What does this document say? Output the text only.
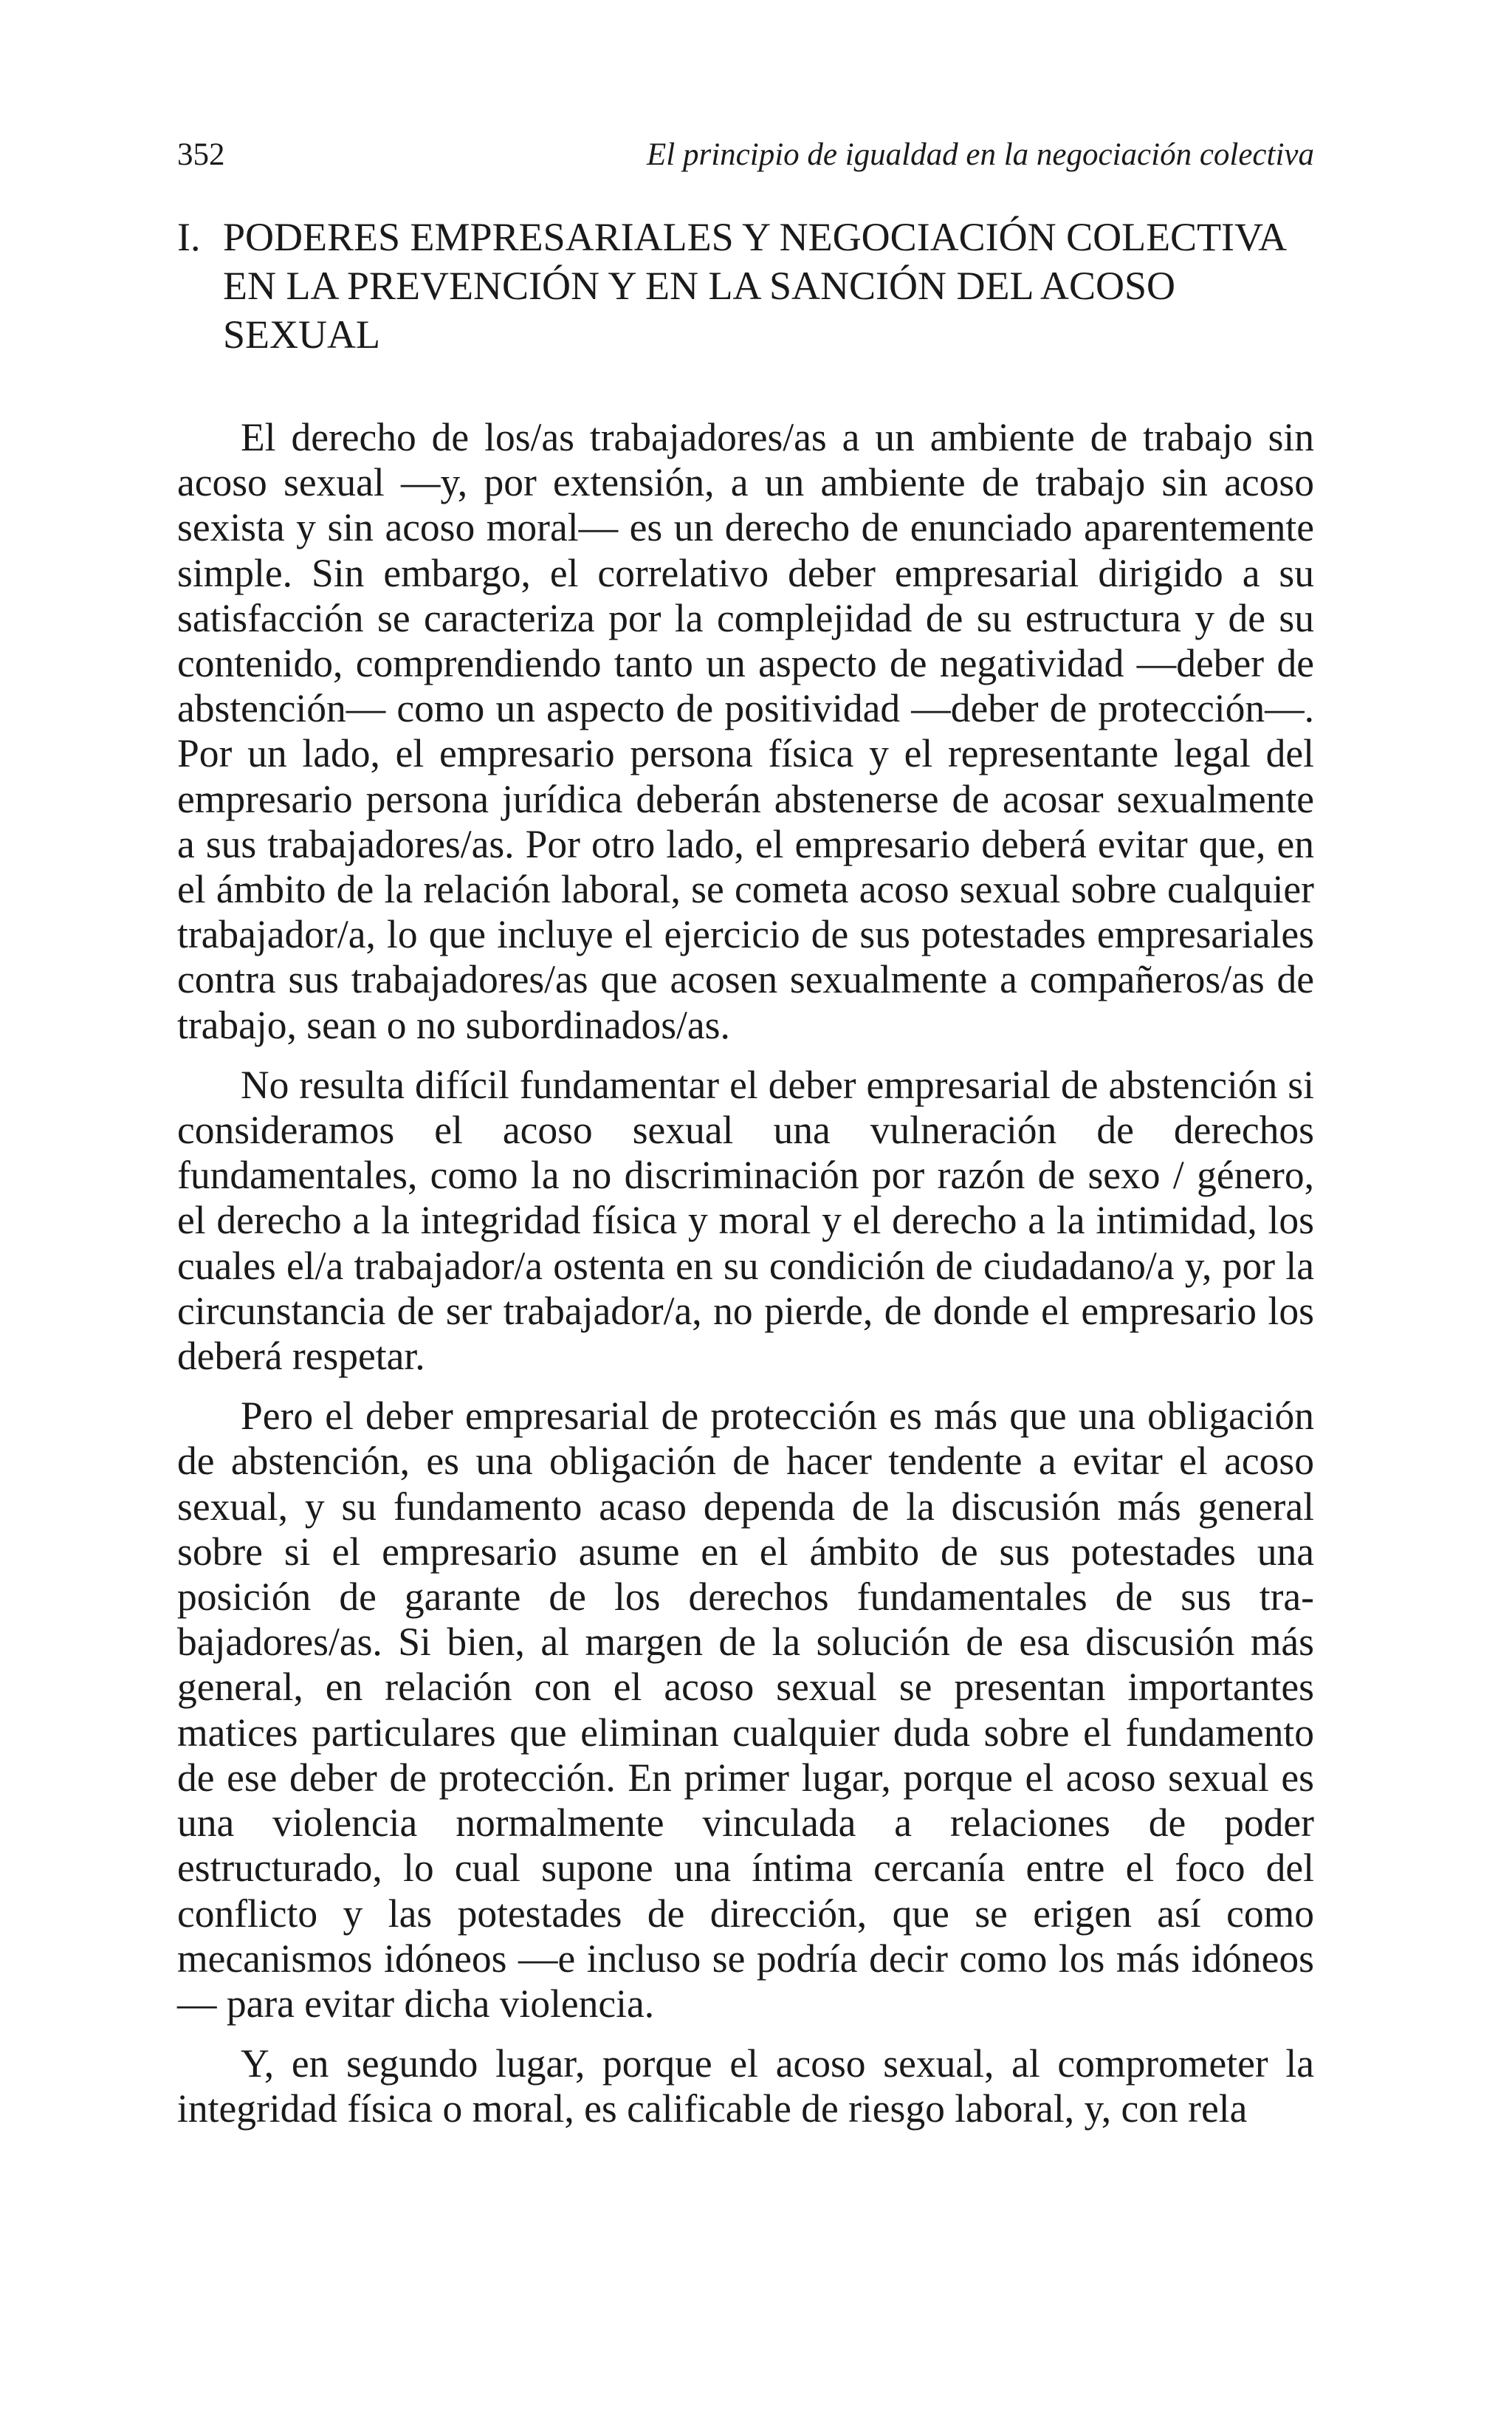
352	El principio de igualdad en la negociación colectiva
I. PODERES EMPRESARIALES Y NEGOCIACIÓN COLECTIVA EN LA PREVENCIÓN Y EN LA SANCIÓN DEL ACOSO SEXUAL

El derecho de los/as trabajadores/as a un ambiente de trabajo sin acoso sexual —y, por extensión, a un ambiente de trabajo sin acoso sexista y sin acoso moral— es un derecho de enunciado aparentemente simple. Sin embargo, el correlativo deber empresarial dirigido a su satisfacción se caracteriza por la complejidad de su estructura y de su contenido, comprendiendo tanto un aspecto de negatividad —deber de abstención— como un aspecto de positividad —deber de protección—. Por un lado, el empresario persona física y el representante legal del empresario persona jurídica deberán abstenerse de acosar sexualmente a sus trabajadores/as. Por otro lado, el empresario deberá evitar que, en el ámbito de la relación laboral, se cometa acoso sexual sobre cualquier trabajador/a, lo que incluye el ejercicio de sus potestades empresariales contra sus trabajadores/as que acosen sexualmente a compañeros/as de trabajo, sean o no subordinados/as.

No resulta difícil fundamentar el deber empresarial de abstención si consideramos el acoso sexual una vulneración de derechos fundamentales, como la no discriminación por razón de sexo / género, el derecho a la integridad física y moral y el derecho a la intimidad, los cuales el/a trabajador/a ostenta en su condición de ciudadano/a y, por la circunstancia de ser trabajador/a, no pierde, de donde el empresario los deberá respetar.

Pero el deber empresarial de protección es más que una obligación de abstención, es una obligación de hacer tendente a evitar el acoso sexual, y su fundamento acaso dependa de la discusión más general sobre si el empresario asume en el ámbito de sus potestades una posición de garante de los derechos fundamentales de sus trabajadores/as. Si bien, al margen de la solución de esa discusión más general, en relación con el acoso sexual se presentan importantes matices particulares que eliminan cualquier duda sobre el fundamento de ese deber de protección. En primer lugar, porque el acoso sexual es una violencia normalmente vinculada a relaciones de poder estructurado, lo cual supone una íntima cercanía entre el foco del conflicto y las potestades de dirección, que se erigen así como mecanismos idóneos —e incluso se podría decir como los más idóneos— para evitar dicha violencia.

Y, en segundo lugar, porque el acoso sexual, al comprometer la integridad física o moral, es calificable de riesgo laboral, y, con rela
